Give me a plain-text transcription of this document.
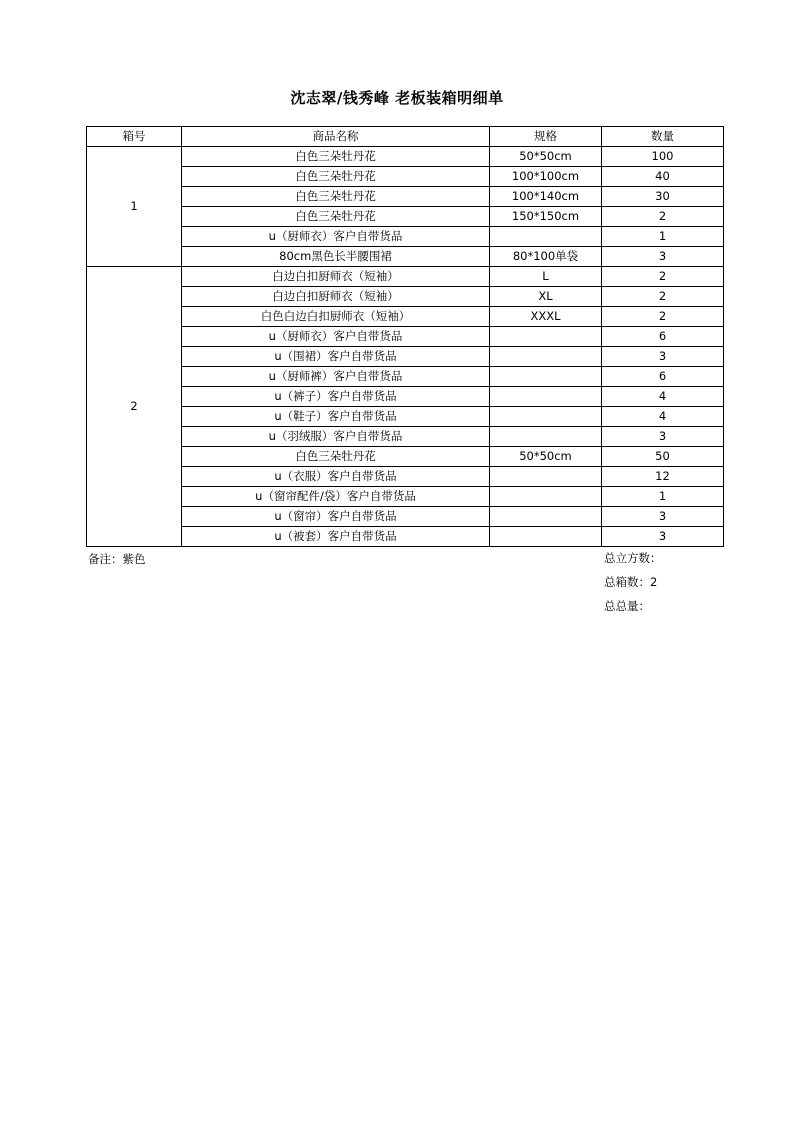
沈志翠/钱秀峰 老板装箱明细单
箱号	商品名称	规格	数量
1	白色三朵牡丹花	50*50cm	100
	白色三朵牡丹花	100*100cm	40
	白色三朵牡丹花	100*140cm	30
	白色三朵牡丹花	150*150cm	2
	u（厨师衣）客户自带货品		1
	80cm黑色长半腰围裙	80*100单袋	3
2	白边白扣厨师衣（短袖）	L	2
	白边白扣厨师衣（短袖）	XL	2
	白色白边白扣厨师衣（短袖）	XXXL	2
	u（厨师衣）客户自带货品		6
	u（围裙）客户自带货品		3
	u（厨师裤）客户自带货品		6
	u（裤子）客户自带货品		4
	u（鞋子）客户自带货品		4
	u（羽绒服）客户自带货品		3
	白色三朵牡丹花	50*50cm	50
	u（衣服）客户自带货品		12
	u（窗帘配件/袋）客户自带货品		1
	u（窗帘）客户自带货品		3
	u（被套）客户自带货品		3
备注：紫色	总立方数：
总箱数：2
总总量：
